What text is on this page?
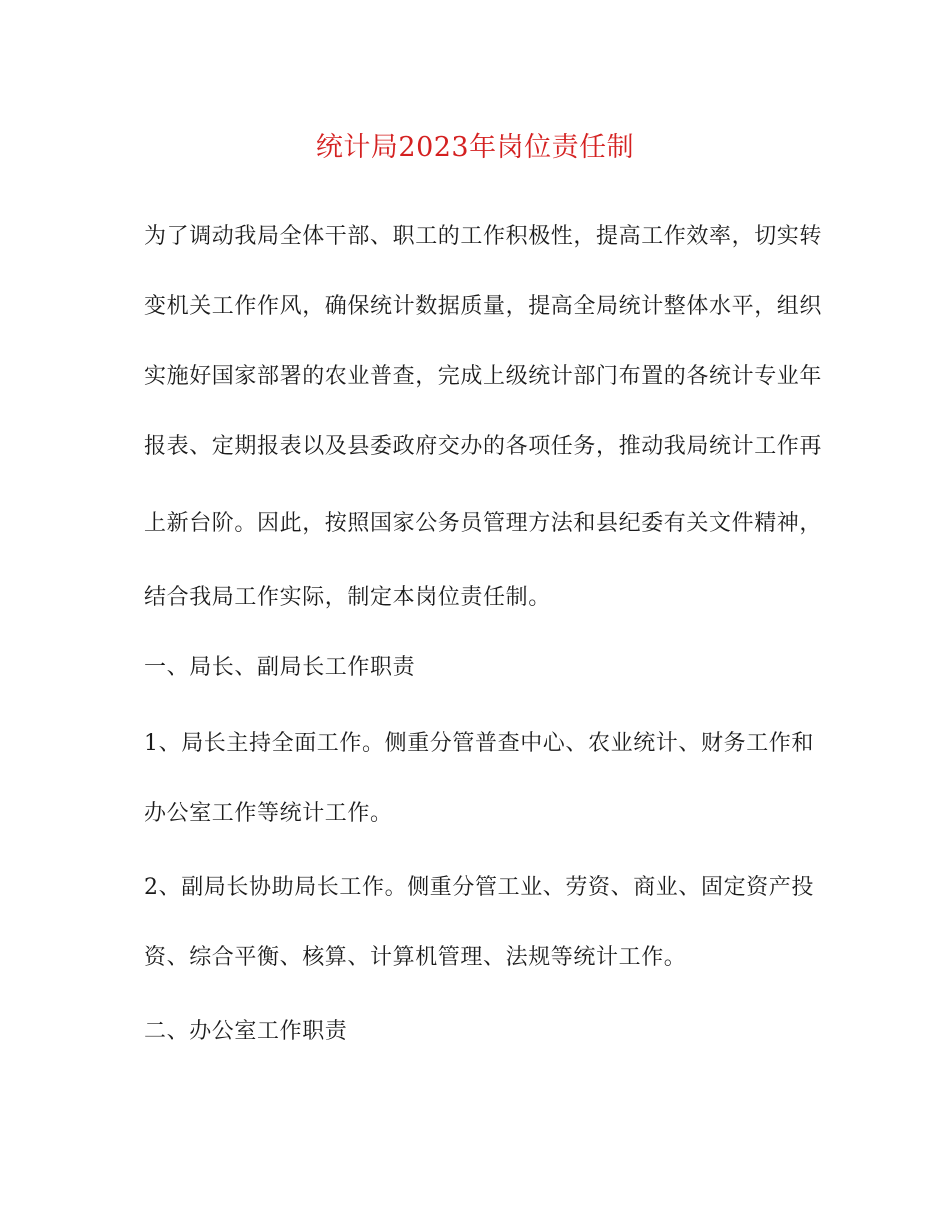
统计局2023年岗位责任制
为了调动我局全体干部、职工的工作积极性，提高工作效率，切实转
变机关工作作风，确保统计数据质量，提高全局统计整体水平，组织
实施好国家部署的农业普查，完成上级统计部门布置的各统计专业年
报表、定期报表以及县委政府交办的各项任务，推动我局统计工作再
上新台阶。因此，按照国家公务员管理方法和县纪委有关文件精神，
结合我局工作实际，制定本岗位责任制。
一、局长、副局长工作职责
1、局长主持全面工作。侧重分管普查中心、农业统计、财务工作和
办公室工作等统计工作。
2、副局长协助局长工作。侧重分管工业、劳资、商业、固定资产投
资、综合平衡、核算、计算机管理、法规等统计工作。
二、办公室工作职责
